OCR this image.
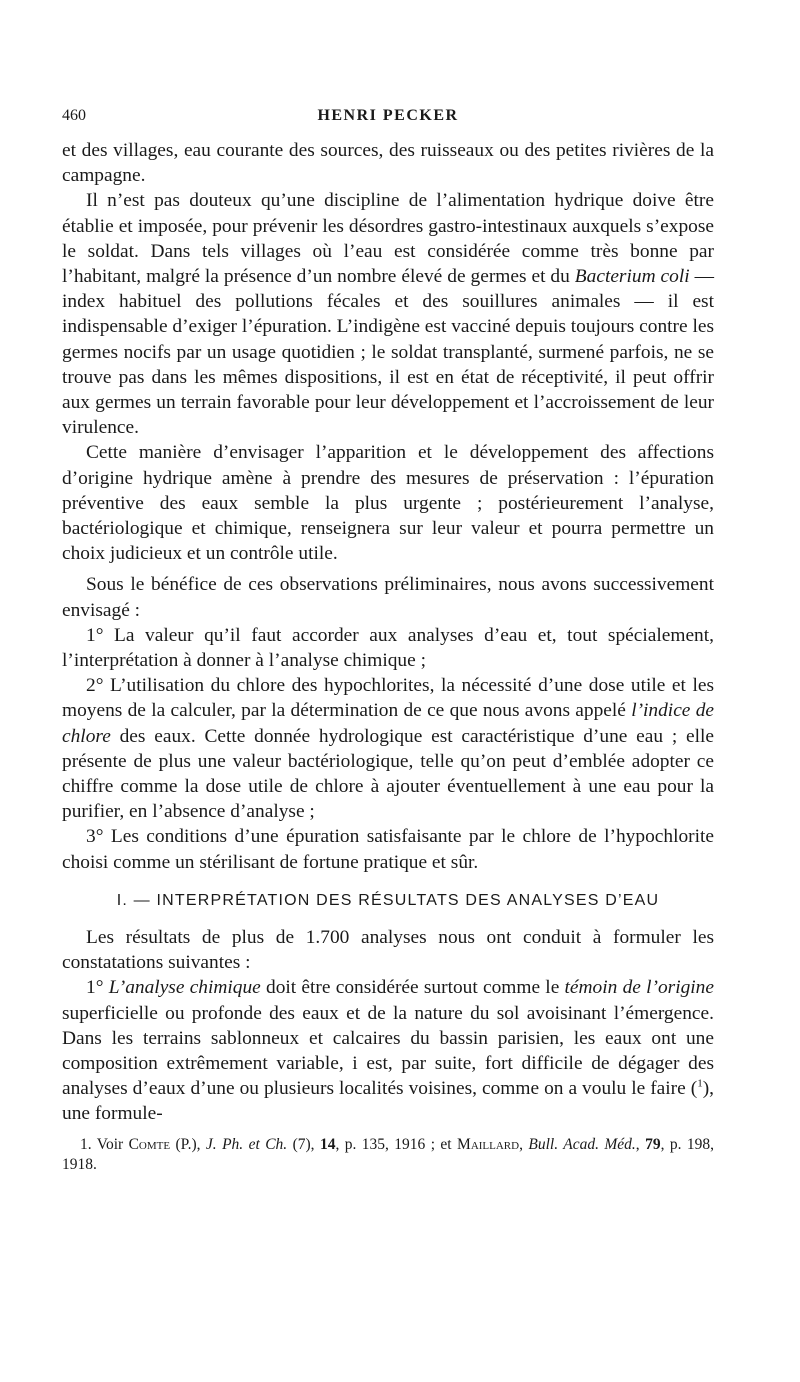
460	HENRI PECKER

et des villages, eau courante des sources, des ruisseaux ou des petites rivières de la campagne.

Il n’est pas douteux qu’une discipline de l’alimentation hydrique doive être établie et imposée, pour prévenir les désordres gastro-intestinaux auxquels s’expose le soldat. Dans tels villages où l’eau est considérée comme très bonne par l’habitant, malgré la présence d’un nombre élevé de germes et du Bacterium coli — index habituel des pollutions fécales et des souillures animales — il est indispensable d’exiger l’épuration. L’indigène est vacciné depuis toujours contre les germes nocifs par un usage quotidien ; le soldat transplanté, surmené parfois, ne se trouve pas dans les mêmes dispositions, il est en état de réceptivité, il peut offrir aux germes un terrain favorable pour leur développement et l’accroissement de leur virulence.

Cette manière d’envisager l’apparition et le développement des affections d’origine hydrique amène à prendre des mesures de préservation : l’épuration préventive des eaux semble la plus urgente ; postérieurement l’analyse, bactériologique et chimique, renseignera sur leur valeur et pourra permettre un choix judicieux et un contrôle utile.

Sous le bénéfice de ces observations préliminaires, nous avons successivement envisagé :

1° La valeur qu’il faut accorder aux analyses d’eau et, tout spécialement, l’interprétation à donner à l’analyse chimique ;

2° L’utilisation du chlore des hypochlorites, la nécessité d’une dose utile et les moyens de la calculer, par la détermination de ce que nous avons appelé l’indice de chlore des eaux. Cette donnée hydrologique est caractéristique d’une eau ; elle présente de plus une valeur bactériologique, telle qu’on peut d’emblée adopter ce chiffre comme la dose utile de chlore à ajouter éventuellement à une eau pour la purifier, en l’absence d’analyse ;

3° Les conditions d’une épuration satisfaisante par le chlore de l’hypochlorite choisi comme un stérilisant de fortune pratique et sûr.

I. — INTERPRÉTATION DES RÉSULTATS DES ANALYSES D’EAU

Les résultats de plus de 1.700 analyses nous ont conduit à formuler les constatations suivantes :

1° L’analyse chimique doit être considérée surtout comme le témoin de l’origine superficielle ou profonde des eaux et de la nature du sol avoisinant l’émergence. Dans les terrains sablonneux et calcaires du bassin parisien, les eaux ont une composition extrêmement variable, i est, par suite, fort difficile de dégager des analyses d’eaux d’une ou plusieurs localités voisines, comme on a voulu le faire ($^1$), une formule-

1. Voir Comte (P.), J. Ph. et Ch. (7), 14, p. 135, 1916 ; et Maillard, Bull. Acad. Méd., 79, p. 198, 1918.
